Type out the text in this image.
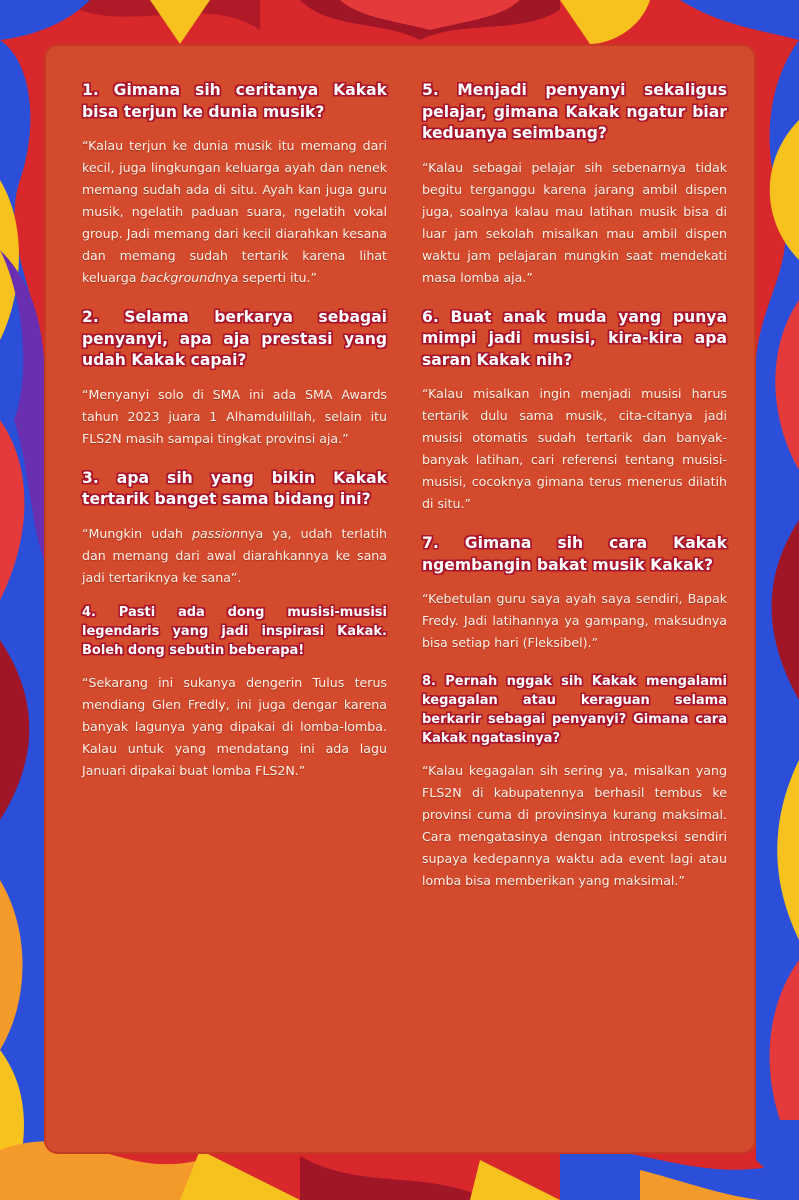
1. Gimana sih ceritanya Kakak bisa terjun ke dunia musik?

“Kalau terjun ke dunia musik itu memang dari kecil, juga lingkungan keluarga ayah dan nenek memang sudah ada di situ. Ayah kan juga guru musik, ngelatih paduan suara, ngelatih vokal group. Jadi memang dari kecil diarahkan kesana dan memang sudah tertarik karena lihat keluarga backgroundnya seperti itu.”

2. Selama berkarya sebagai penyanyi, apa aja prestasi yang udah Kakak capai?

“Menyanyi solo di SMA ini ada SMA Awards tahun 2023 juara 1 Alhamdulillah, selain itu FLS2N masih sampai tingkat provinsi aja.”

3. apa sih yang bikin Kakak tertarik banget sama bidang ini?

“Mungkin udah passionnya ya, udah terlatih dan memang dari awal diarahkannya ke sana jadi tertariknya ke sana”.

4. Pasti ada dong musisi-musisi legendaris yang jadi inspirasi Kakak. Boleh dong sebutin beberapa!

“Sekarang ini sukanya dengerin Tulus terus mendiang Glen Fredly, ini juga dengar karena banyak lagunya yang dipakai di lomba-lomba. Kalau untuk yang mendatang ini ada lagu Januari dipakai buat lomba FLS2N.”

5. Menjadi penyanyi sekaligus pelajar, gimana Kakak ngatur biar keduanya seimbang?

“Kalau sebagai pelajar sih sebenarnya tidak begitu terganggu karena jarang ambil dispen juga, soalnya kalau mau latihan musik bisa di luar jam sekolah misalkan mau ambil dispen waktu jam pelajaran mungkin saat mendekati masa lomba aja.”

6. Buat anak muda yang punya mimpi jadi musisi, kira-kira apa saran Kakak nih?

“Kalau misalkan ingin menjadi musisi harus tertarik dulu sama musik, cita-citanya jadi musisi otomatis sudah tertarik dan banyak-banyak latihan, cari referensi tentang musisi-musisi, cocoknya gimana terus menerus dilatih di situ.”

7. Gimana sih cara Kakak ngembangin bakat musik Kakak?

“Kebetulan guru saya ayah saya sendiri, Bapak Fredy. Jadi latihannya ya gampang, maksudnya bisa setiap hari (Fleksibel).”

8. Pernah nggak sih Kakak mengalami kegagalan atau keraguan selama berkarir sebagai penyanyi? Gimana cara Kakak ngatasinya?

“Kalau kegagalan sih sering ya, misalkan yang FLS2N di kabupatennya berhasil tembus ke provinsi cuma di provinsinya kurang maksimal. Cara mengatasinya dengan introspeksi sendiri supaya kedepannya waktu ada event lagi atau lomba bisa memberikan yang maksimal.”
